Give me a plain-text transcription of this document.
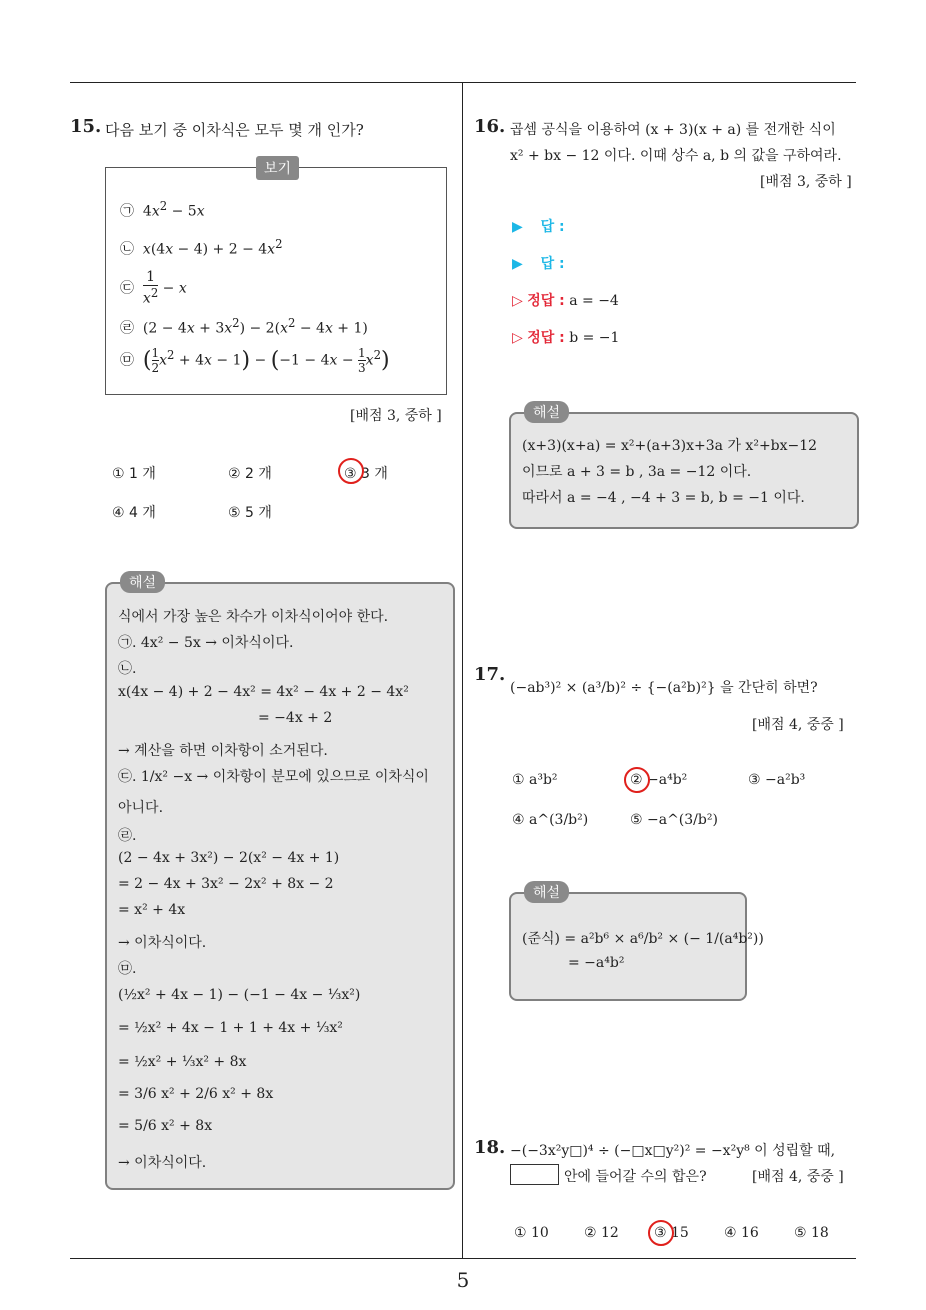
15. 다음 보기 중 이차식은 모두 몇 개 인가?
보기
㉠  $4x^2 - 5x$
㉡  $x(4x - 4) + 2 - 4x^2$
㉢ $\frac{1}{x^2} - x$
㉣  $(2 - 4x + 3x^2) - 2(x^2 - 4x + 1)$
㉤  ( $\frac{1}{2} x^2 + 4x - 1) - (-1 - 4x - \frac{1}{3} x^2)$
[배점 3, 중하 ]
① 1 개	② 2 개	③ 3 개
④ 4 개	⑤ 5 개
해설
식에서 가장 높은 차수가 이차식이어야 한다.
㉠. 4x² − 5x → 이차식이다.
㉡.
x(4x − 4) + 2 − 4x² = 4x² − 4x + 2 − 4x²
= −4x + 2
→ 계산을 하면 이차항이 소거된다.
㉢. 1/x² −x → 이차항이 분모에 있으므로 이차식이
아니다.
㉣.
(2 − 4x + 3x²) − 2(x² − 4x + 1)
= 2 − 4x + 3x² − 2x² + 8x − 2
= x² + 4x
→ 이차식이다.
㉤.
(½x² + 4x − 1) − (−1 − 4x − ⅓x²)
= ½x² + 4x − 1 + 1 + 4x + ⅓x²
= ½x² + ⅓x² + 8x
= 3/6 x² + 2/6 x² + 8x
= 5/6 x² + 8x
→ 이차식이다.
16. 곱셈 공식을 이용하여 (x + 3)(x + a) 를 전개한 식이
x² + bx − 12 이다. 이때 상수 a, b 의 값을 구하여라.
[배점 3, 중하 ]
▶ 답 :
▶ 답 :
▷ 정답 : a = −4
▷ 정답 : b = −1
해설
(x+3)(x+a) = x²+(a+3)x+3a 가 x²+bx−12
이므로 a + 3 = b , 3a = −12 이다.
따라서 a = −4 , −4 + 3 = b, b = −1 이다.
17.
(−ab³)² × (a³/b)² ÷ {−(a²b)²} 을 간단히 하면?
[배점 4, 중중 ]
① a³b²	② −a⁴b²	③ −a²b³
④ a^(3/b²)	⑤ −a^(3/b²)
해설
(준식) = a²b⁶ × a⁶/b² × (− 1/(a⁴b²))
= −a⁴b²
18. −(−3x²y□)⁴ ÷ (−□x□y²)² = −x²y⁸ 이 성립할 때,
안에 들어갈 수의 합은?	[배점 4, 중중 ]
① 10	② 12	③ 15	④ 16	⑤ 18
5
